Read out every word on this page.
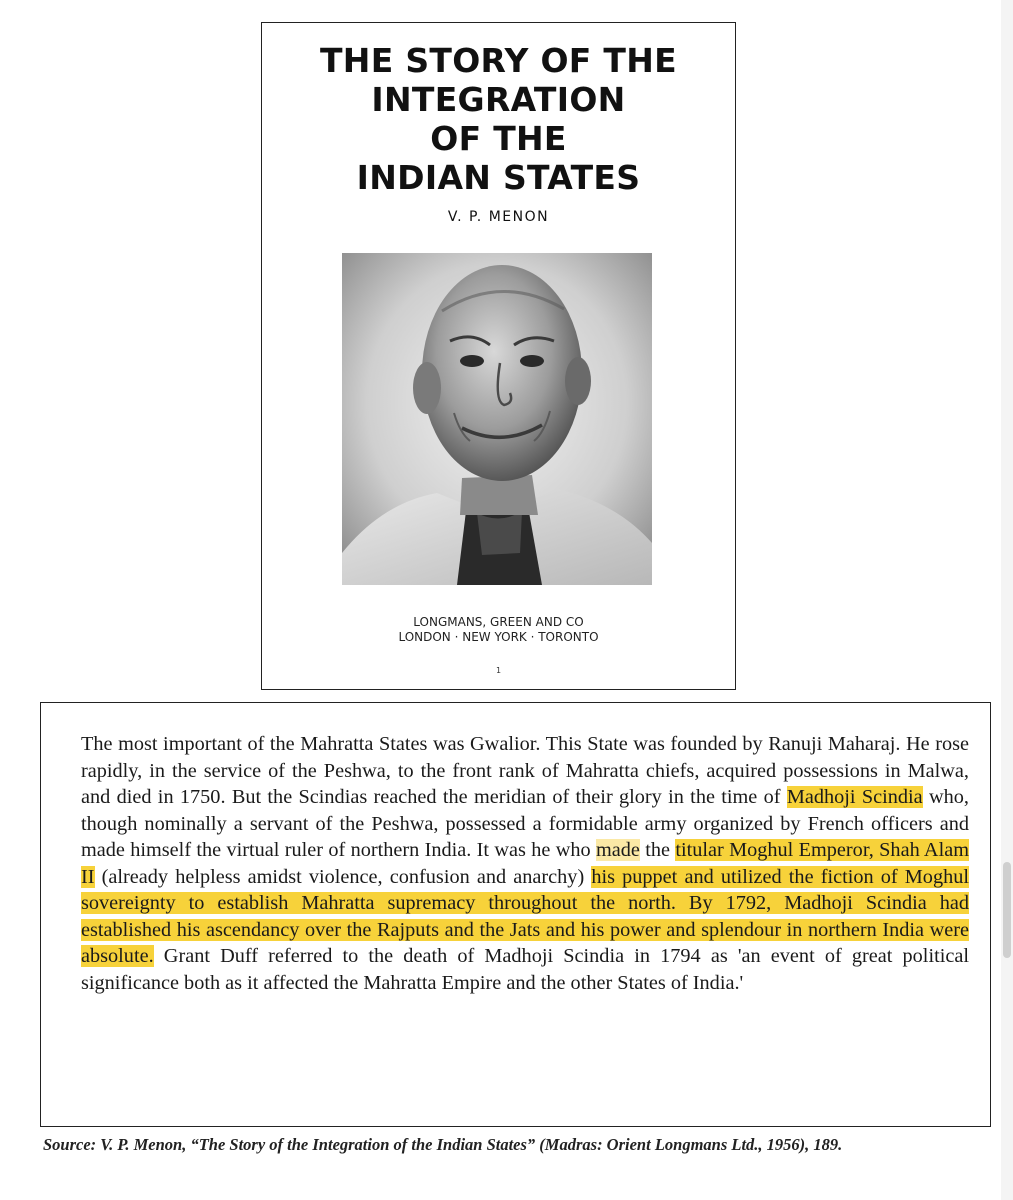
THE STORY OF THE
INTEGRATION
OF THE
INDIAN STATES
V. P. MENON
LONGMANS, GREEN AND CO
LONDON · NEW YORK · TORONTO
1

The most important of the Mahratta States was Gwalior. This State was founded by Ranuji Maharaj. He rose rapidly, in the service of the Peshwa, to the front rank of Mahratta chiefs, acquired possessions in Malwa, and died in 1750. But the Scindias reached the meridian of their glory in the time of Madhoji Scindia who, though nominally a servant of the Peshwa, possessed a formidable army organized by French officers and made himself the virtual ruler of northern India. It was he who made the titular Moghul Emperor, Shah Alam II (already helpless amidst violence, confusion and anarchy) his puppet and utilized the fiction of Moghul sovereignty to establish Mahratta supremacy throughout the north. By 1792, Madhoji Scindia had established his ascendancy over the Rajputs and the Jats and his power and splendour in northern India were absolute. Grant Duff referred to the death of Madhoji Scindia in 1794 as 'an event of great political significance both as it affected the Mahratta Empire and the other States of India.'

Source: V. P. Menon, “The Story of the Integration of the Indian States” (Madras: Orient Longmans Ltd., 1956), 189.
